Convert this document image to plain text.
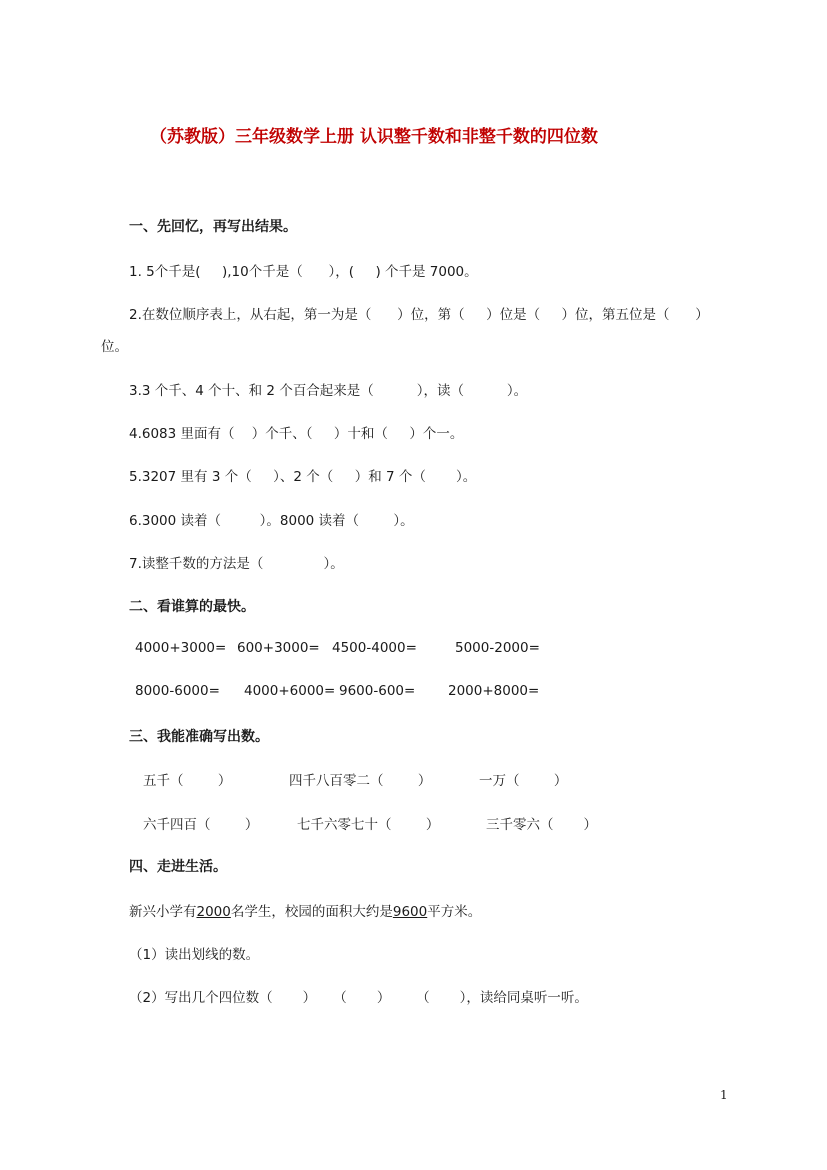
（苏教版）三年级数学上册 认识整千数和非整千数的四位数
一、先回忆，再写出结果。
1. 5个千是(     ),10个千是（      ），(     ) 个千是 7000。
2.在数位顺序表上，从右起，第一为是（      ）位，第（     ）位是（     ）位，第五位是（      ）
位。
3.3 个千、4 个十、和 2 个百合起来是（          ），读（          ）。
4.6083 里面有（    ）个千、（     ）十和（     ）个一。
5.3207 里有 3 个（     ）、2 个（     ）和 7 个（       ）。
6.3000 读着（         ）。8000 读着（        ）。
7.读整千数的方法是（              ）。
二、看谁算的最快。
4000+3000= 600+3000= 4500-4000=	5000-2000=
8000-6000= 4000+6000= 9600-600= 2000+8000=
三、我能准确写出数。
五千（        ）	四千八百零二（        ）	一万（        ）
六千四百（        ）	七千六零七十（        ）	三千零六（       ）
四、走进生活。
新兴小学有2000名学生，校园的面积大约是9600平方米。
（1）读出划线的数。
（2）写出几个四位数（       ）    （       ）      （       ），读给同桌听一听。
1
